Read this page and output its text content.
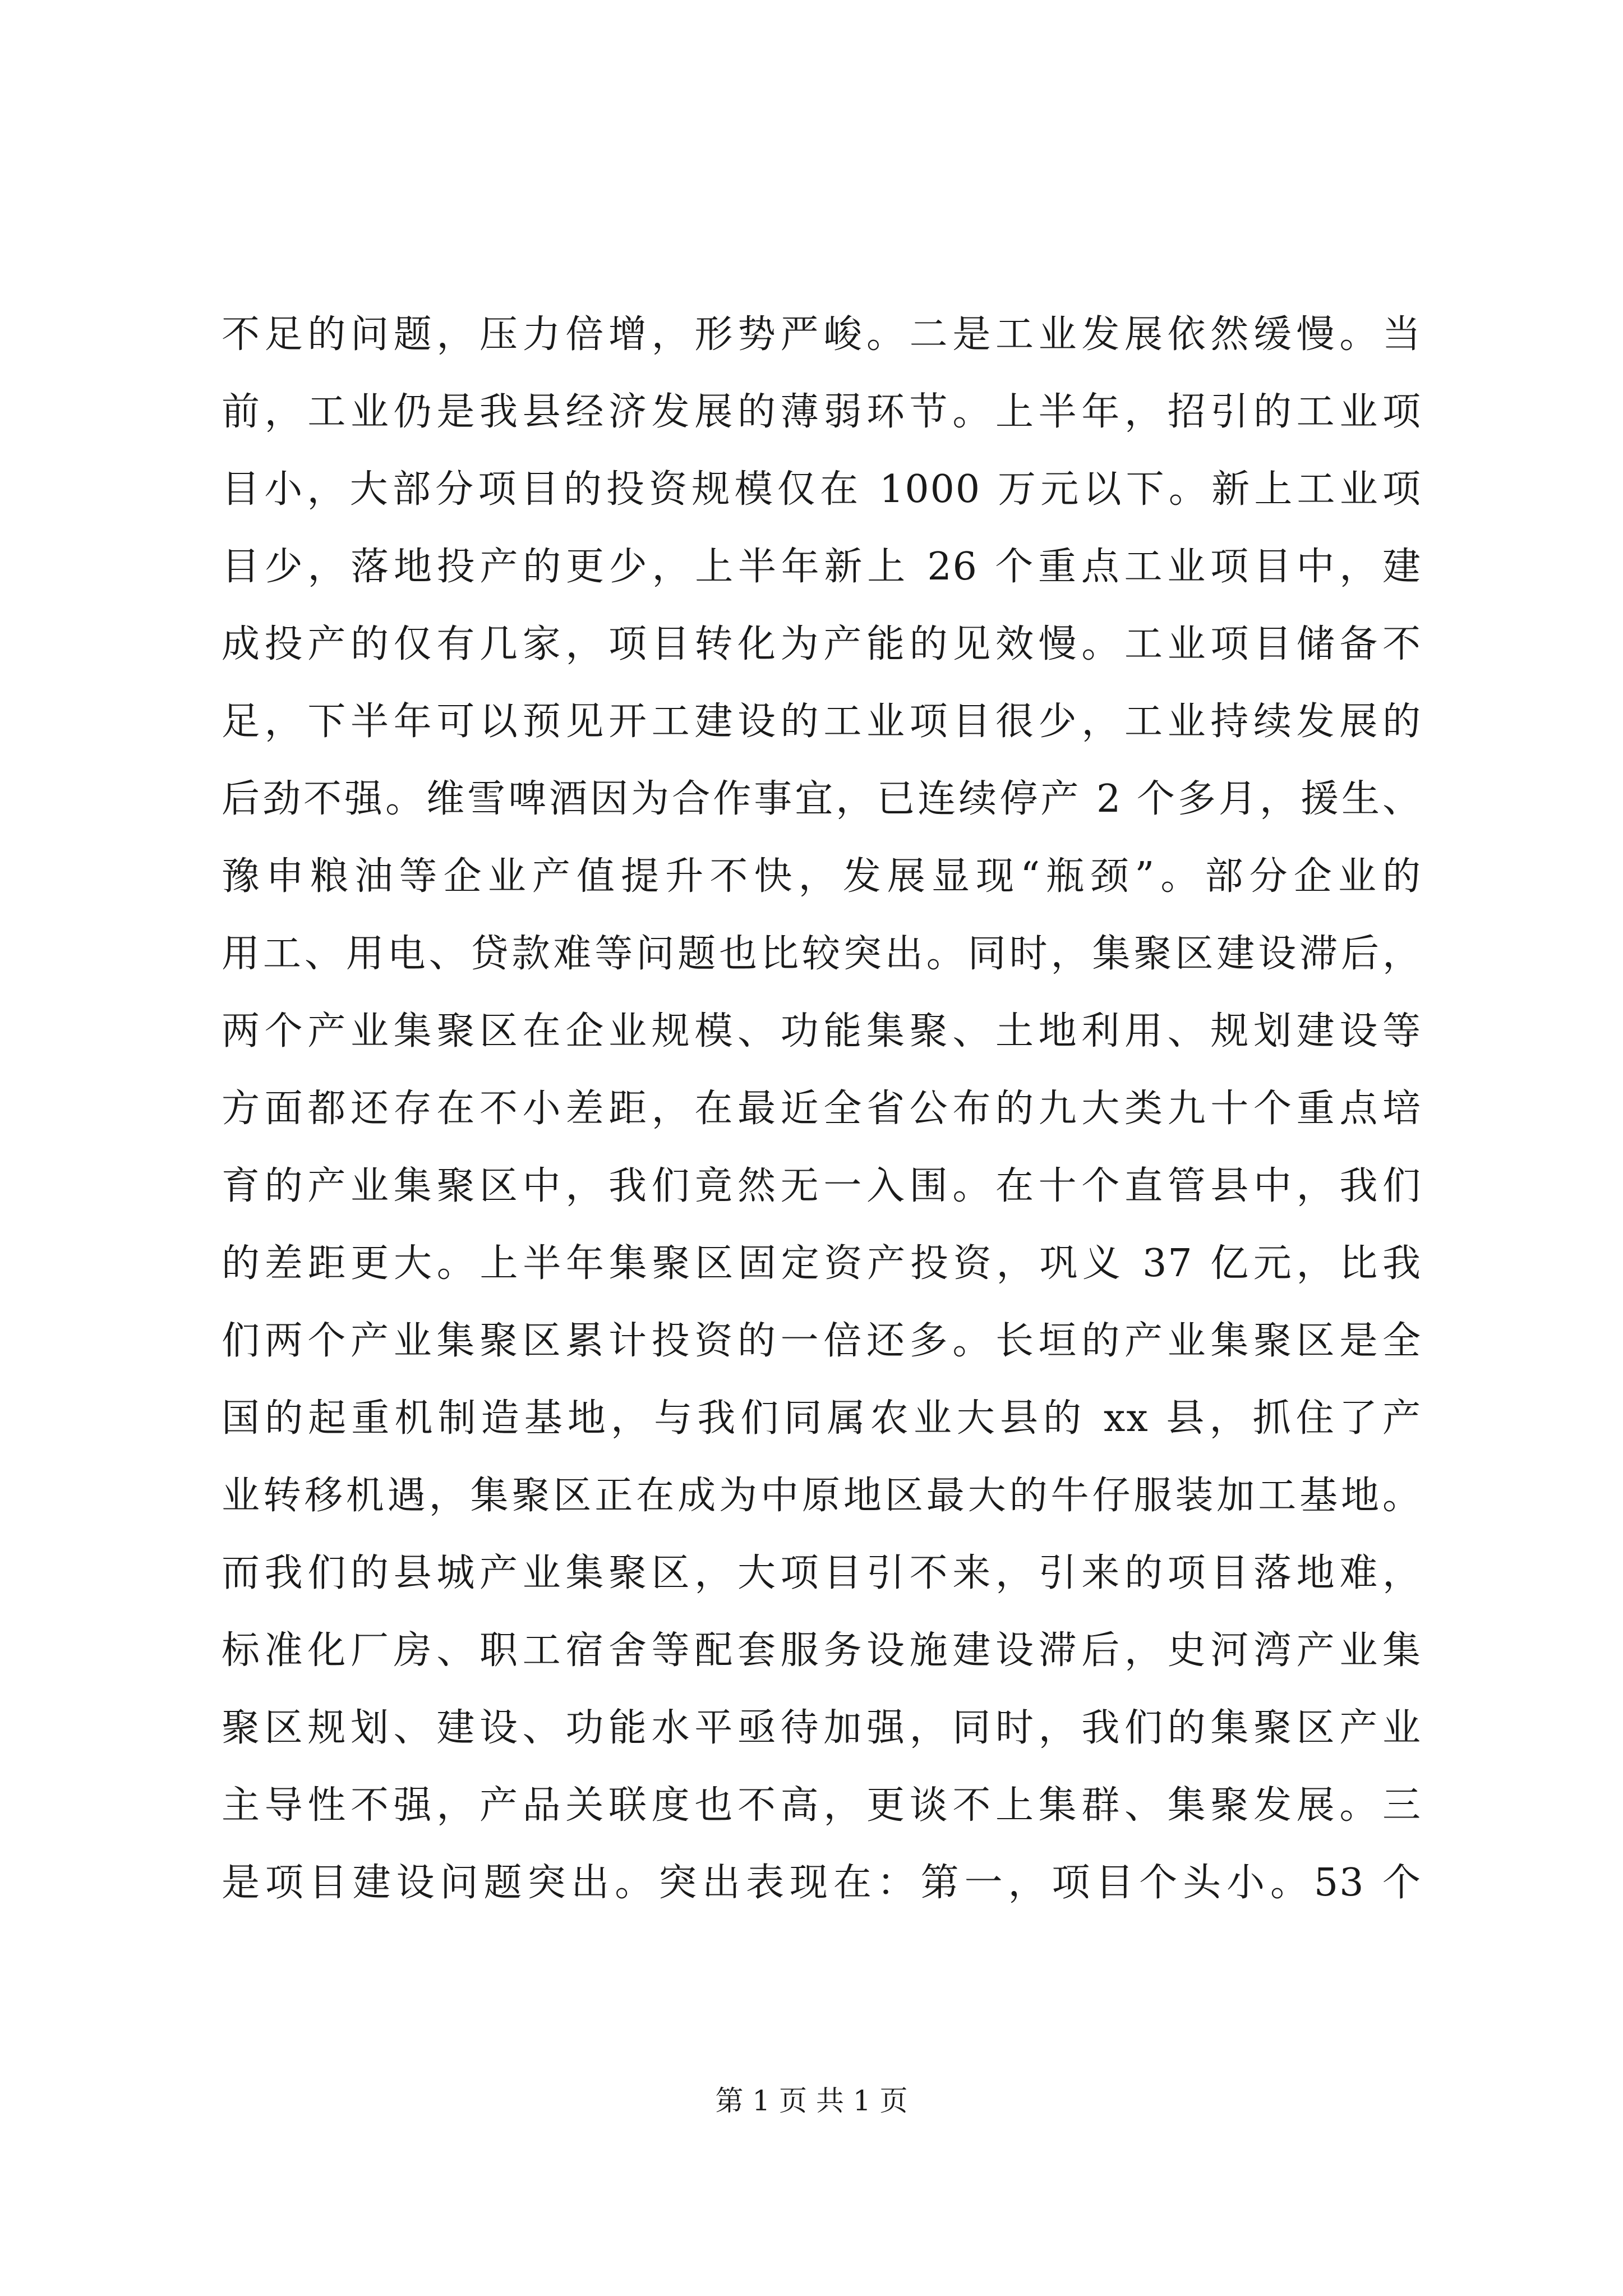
不足的问题，压力倍增，形势严峻。二是工业发展依然缓慢。当
前，工业仍是我县经济发展的薄弱环节。上半年，招引的工业项
目小，大部分项目的投资规模仅在 1000 万元以下。新上工业项
目少，落地投产的更少，上半年新上 26 个重点工业项目中，建
成投产的仅有几家，项目转化为产能的见效慢。工业项目储备不
足，下半年可以预见开工建设的工业项目很少，工业持续发展的
后劲不强。维雪啤酒因为合作事宜，已连续停产 2 个多月，援生、
豫申粮油等企业产值提升不快，发展显现“瓶颈”。部分企业的
用工、用电、贷款难等问题也比较突出。同时，集聚区建设滞后，
两个产业集聚区在企业规模、功能集聚、土地利用、规划建设等
方面都还存在不小差距，在最近全省公布的九大类九十个重点培
育的产业集聚区中，我们竟然无一入围。在十个直管县中，我们
的差距更大。上半年集聚区固定资产投资，巩义 37 亿元，比我
们两个产业集聚区累计投资的一倍还多。长垣的产业集聚区是全
国的起重机制造基地，与我们同属农业大县的 xx 县，抓住了产
业转移机遇，集聚区正在成为中原地区最大的牛仔服装加工基地。
而我们的县城产业集聚区，大项目引不来，引来的项目落地难，
标准化厂房、职工宿舍等配套服务设施建设滞后，史河湾产业集
聚区规划、建设、功能水平亟待加强，同时，我们的集聚区产业
主导性不强，产品关联度也不高，更谈不上集群、集聚发展。三
是项目建设问题突出。突出表现在：第一，项目个头小。53 个
第 1 页 共 1 页
